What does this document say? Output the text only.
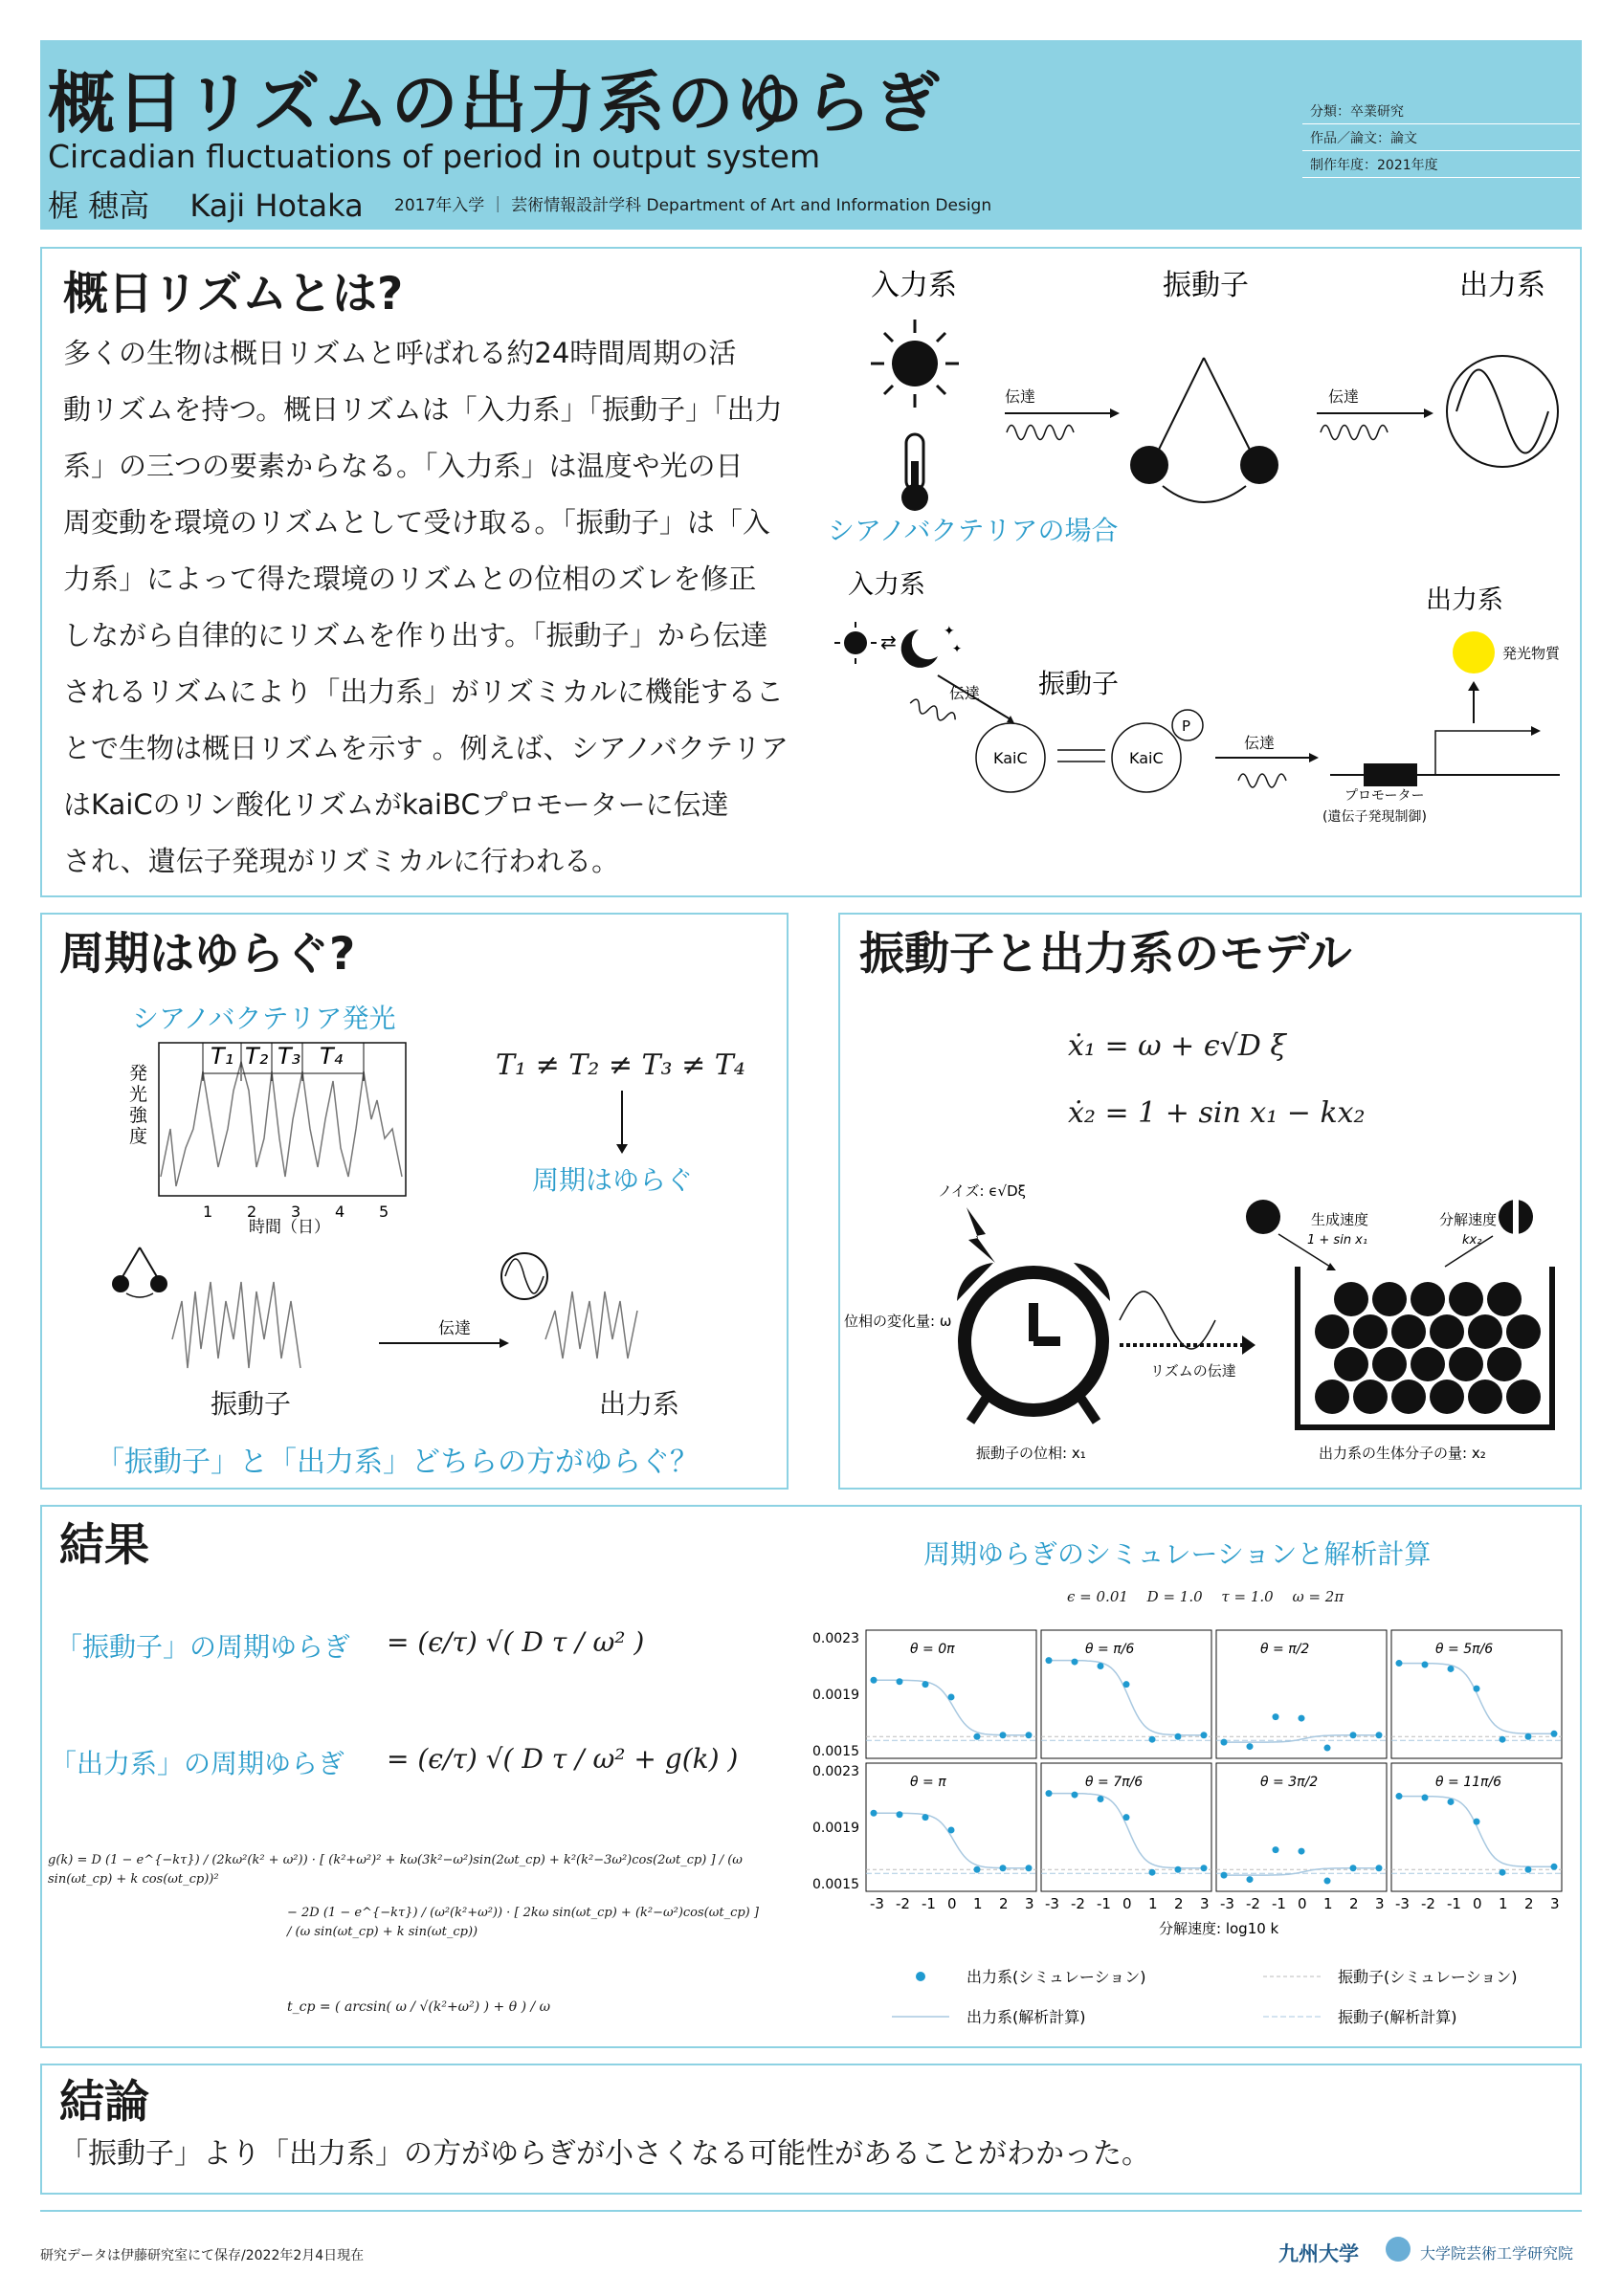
概日リズムの出力系のゆらぎ
Circadian fluctuations of period in output system
梶 穂高　 Kaji Hotaka 2017年入学 ｜ 芸術情報設計学科 Department of Art and Information Design
分類：卒業研究
作品／論文：論文
制作年度：2021年度
概日リズムとは?
多くの生物は概日リズムと呼ばれる約24時間周期の活
動リズムを持つ。概日リズムは「入力系」「振動子」「出力
系」の三つの要素からなる。「入力系」は温度や光の日
周変動を環境のリズムとして受け取る。「振動子」は「入
力系」によって得た環境のリズムとの位相のズレを修正
しながら自律的にリズムを作り出す。「振動子」から伝達
されるリズムにより「出力系」がリズミカルに機能するこ
とで生物は概日リズムを示す 。例えば、シアノバクテリア
はKaiCのリン酸化リズムがkaiBCプロモーターに伝達
され、遺伝子発現がリズミカルに行われる。
入力系	振動子	出力系
伝達	伝達
シアノバクテリアの場合
入力系
出力系
⇄	✦
✦
伝達 振動子
KaiC	KaiC
P
伝達
プロモーター
(遺伝子発現制御)
発光物質
周期はゆらぐ?
シアノバクテリア発光
発
光
強
度
T₁ T₂ T₃ T₄
1 2 3 4 5
時間（日）
T₁ ≠ T₂ ≠ T₃ ≠ T₄
周期はゆらぐ
伝達
振動子	出力系
「振動子」と「出力系」どちらの方がゆらぐ？
振動子と出力系のモデル
ẋ₁ = ω + ϵ√D ξ
ẋ₂ = 1 + sin x₁ − kx₂
ノイズ: ϵ√Dξ
位相の変化量: ω
リズムの伝達
生成速度
1 + sin x₁
分解速度
kx₂
振動子の位相: x₁	出力系の生体分子の量: x₂
結果
「振動子」の周期ゆらぎ = (ϵ/τ) √( D τ / ω² )
「出力系」の周期ゆらぎ = (ϵ/τ) √( D τ / ω² + g(k) )
g(k) = D (1 − e^{−kτ}) / (2kω²(k² + ω²)) · [ (k²+ω²)² + kω(3k²−ω²)sin(2ωt_cp) + k²(k²−3ω²)cos(2ωt_cp) ] / (ω sin(ωt_cp) + k cos(ωt_cp))²
− 2D (1 − e^{−kτ}) / (ω²(k²+ω²)) · [ 2kω sin(ωt_cp) + (k²−ω²)cos(ωt_cp) ] / (ω sin(ωt_cp) + k sin(ωt_cp))
t_cp = ( arcsin( ω / √(k²+ω²) ) + θ ) / ω
周期ゆらぎのシミュレーションと解析計算
ϵ = 0.01　 D = 1.0　 τ = 1.0　 ω = 2π
θ = 0π
0.0023
0.0019
0.0015
θ = π/6	θ = π/2	θ = 5π/6
θ = π
-3 -2 -1 0 1 2 3
0.0023
0.0019
0.0015
θ = 7π/6
-3 -2 -1 0 1 2 3
θ = 3π/2
-3 -2 -1 0 1 2 3
θ = 11π/6
-3 -2 -1 0 1 2 3
分解速度: log10 k
出力系(シミュレーション)	振動子(シミュレーション)
出力系(解析計算)	振動子(解析計算)
結論
「振動子」より「出力系」の方がゆらぎが小さくなる可能性があることがわかった。
研究データは伊藤研究室にて保存/2022年2月4日現在	九州大学	大学院芸術工学研究院
